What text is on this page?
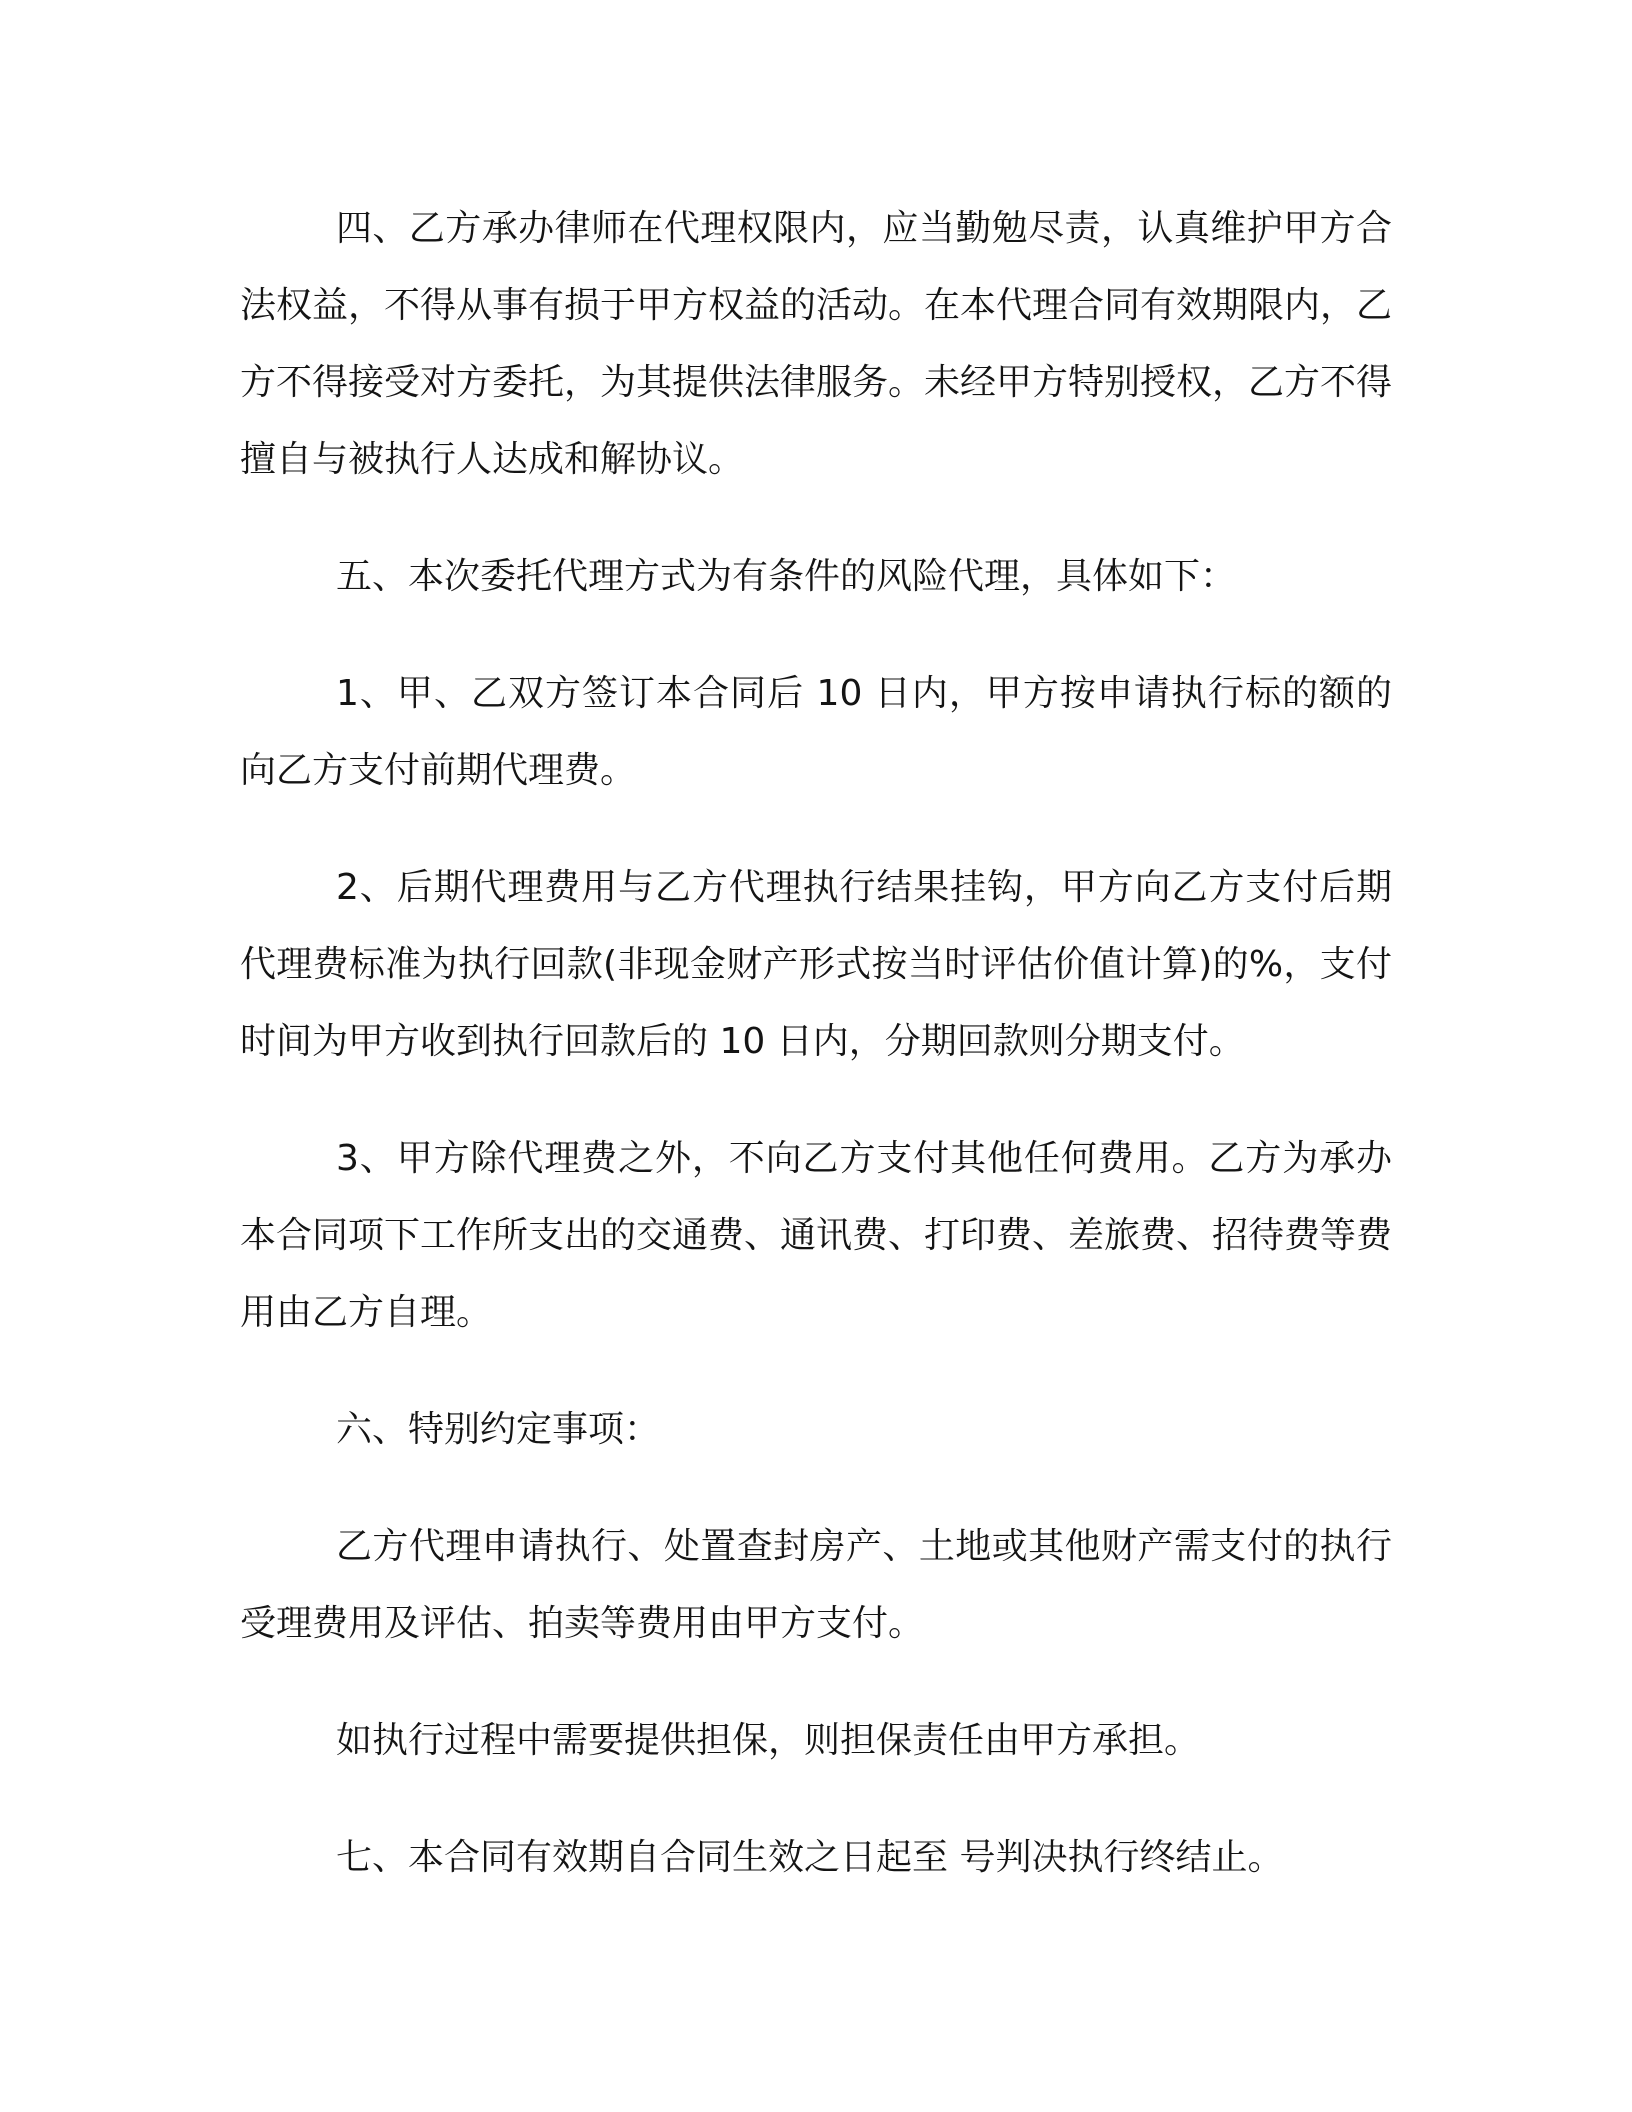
四、乙方承办律师在代理权限内，应当勤勉尽责，认真维护甲方合法权益，不得从事有损于甲方权益的活动。在本代理合同有效期限内，乙方不得接受对方委托，为其提供法律服务。未经甲方特别授权，乙方不得擅自与被执行人达成和解协议。

五、本次委托代理方式为有条件的风险代理，具体如下：

1、甲、乙双方签订本合同后 10 日内，甲方按申请执行标的额的向乙方支付前期代理费。

2、后期代理费用与乙方代理执行结果挂钩，甲方向乙方支付后期代理费标准为执行回款(非现金财产形式按当时评估价值计算)的%，支付时间为甲方收到执行回款后的 10 日内，分期回款则分期支付。

3、甲方除代理费之外，不向乙方支付其他任何费用。乙方为承办本合同项下工作所支出的交通费、通讯费、打印费、差旅费、招待费等费用由乙方自理。

六、特别约定事项：

乙方代理申请执行、处置查封房产、土地或其他财产需支付的执行受理费用及评估、拍卖等费用由甲方支付。

如执行过程中需要提供担保，则担保责任由甲方承担。

七、本合同有效期自合同生效之日起至 号判决执行终结止。
